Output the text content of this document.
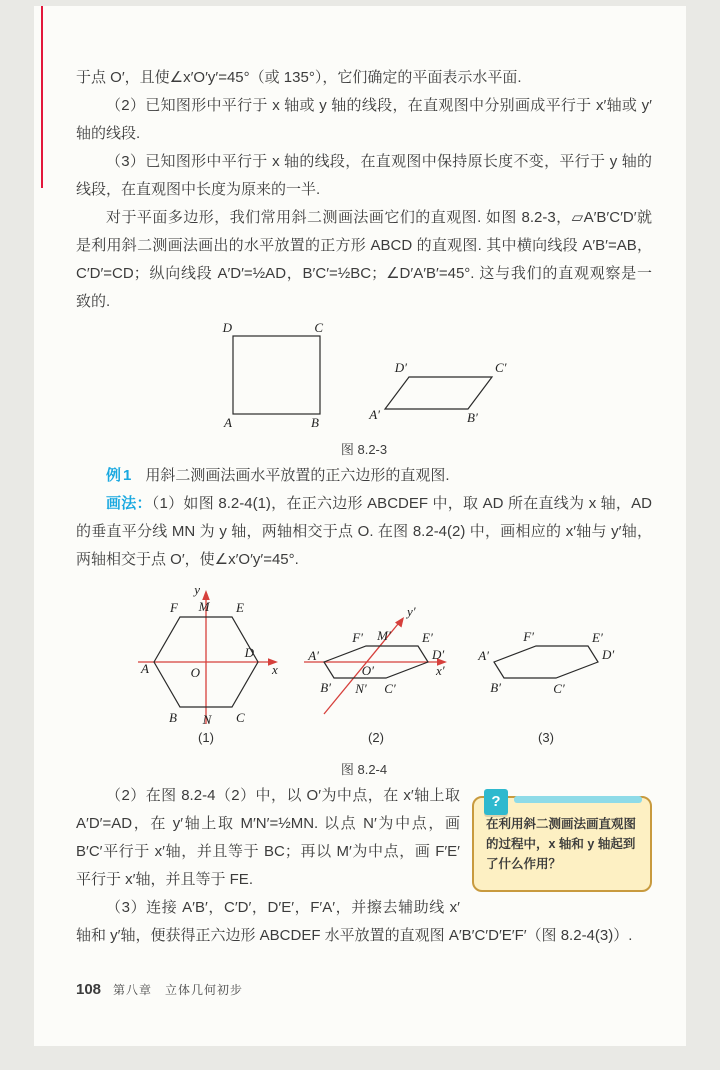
于点 O′，且使∠x′O′y′=45°（或 135°），它们确定的平面表示水平面.

（2）已知图形中平行于 x 轴或 y 轴的线段，在直观图中分别画成平行于 x′轴或 y′轴的线段.

（3）已知图形中平行于 x 轴的线段，在直观图中保持原长度不变，平行于 y 轴的线段，在直观图中长度为原来的一半.

对于平面多边形，我们常用斜二测画法画它们的直观图. 如图 8.2-3，▱A′B′C′D′就是利用斜二测画法画出的水平放置的正方形 ABCD 的直观图. 其中横向线段 A′B′=AB，C′D′=CD；纵向线段 A′D′=½AD，B′C′=½BC；∠D′A′B′=45°. 这与我们的直观观察是一致的.

D	C
A	B
D′	C′
A′	B′
图 8.2-3

例1 用斜二测画法画水平放置的正六边形的直观图.

画法：（1）如图 8.2-4(1)，在正六边形 ABCDEF 中，取 AD 所在直线为 x 轴，AD 的垂直平分线 MN 为 y 轴，两轴相交于点 O. 在图 8.2-4(2) 中，画相应的 x′轴与 y′轴，两轴相交于点 O′，使∠x′O′y′=45°.

x
y
F M E
A	O
D
B N C
x′
y′
A′
B′ N′ C′
D′
E′
M′
F′
O′
A′
B′	C′
D′
E′
F′
(1)	(2)	(3)
图 8.2-4
?
在利用斜二测画法画直观图的过程中，x 轴和 y 轴起到了什么作用？

（2）在图 8.2-4（2）中，以 O′为中点，在 x′轴上取 A′D′=AD，在 y′轴上取 M′N′=½MN. 以点 N′为中点，画 B′C′平行于 x′轴，并且等于 BC；再以 M′为中点，画 F′E′平行于 x′轴，并且等于 FE.

（3）连接 A′B′，C′D′，D′E′，F′A′，并擦去辅助线 x′轴和 y′轴，便获得正六边形 ABCDEF 水平放置的直观图 A′B′C′D′E′F′（图 8.2-4(3)）.

108 第八章　立体几何初步
